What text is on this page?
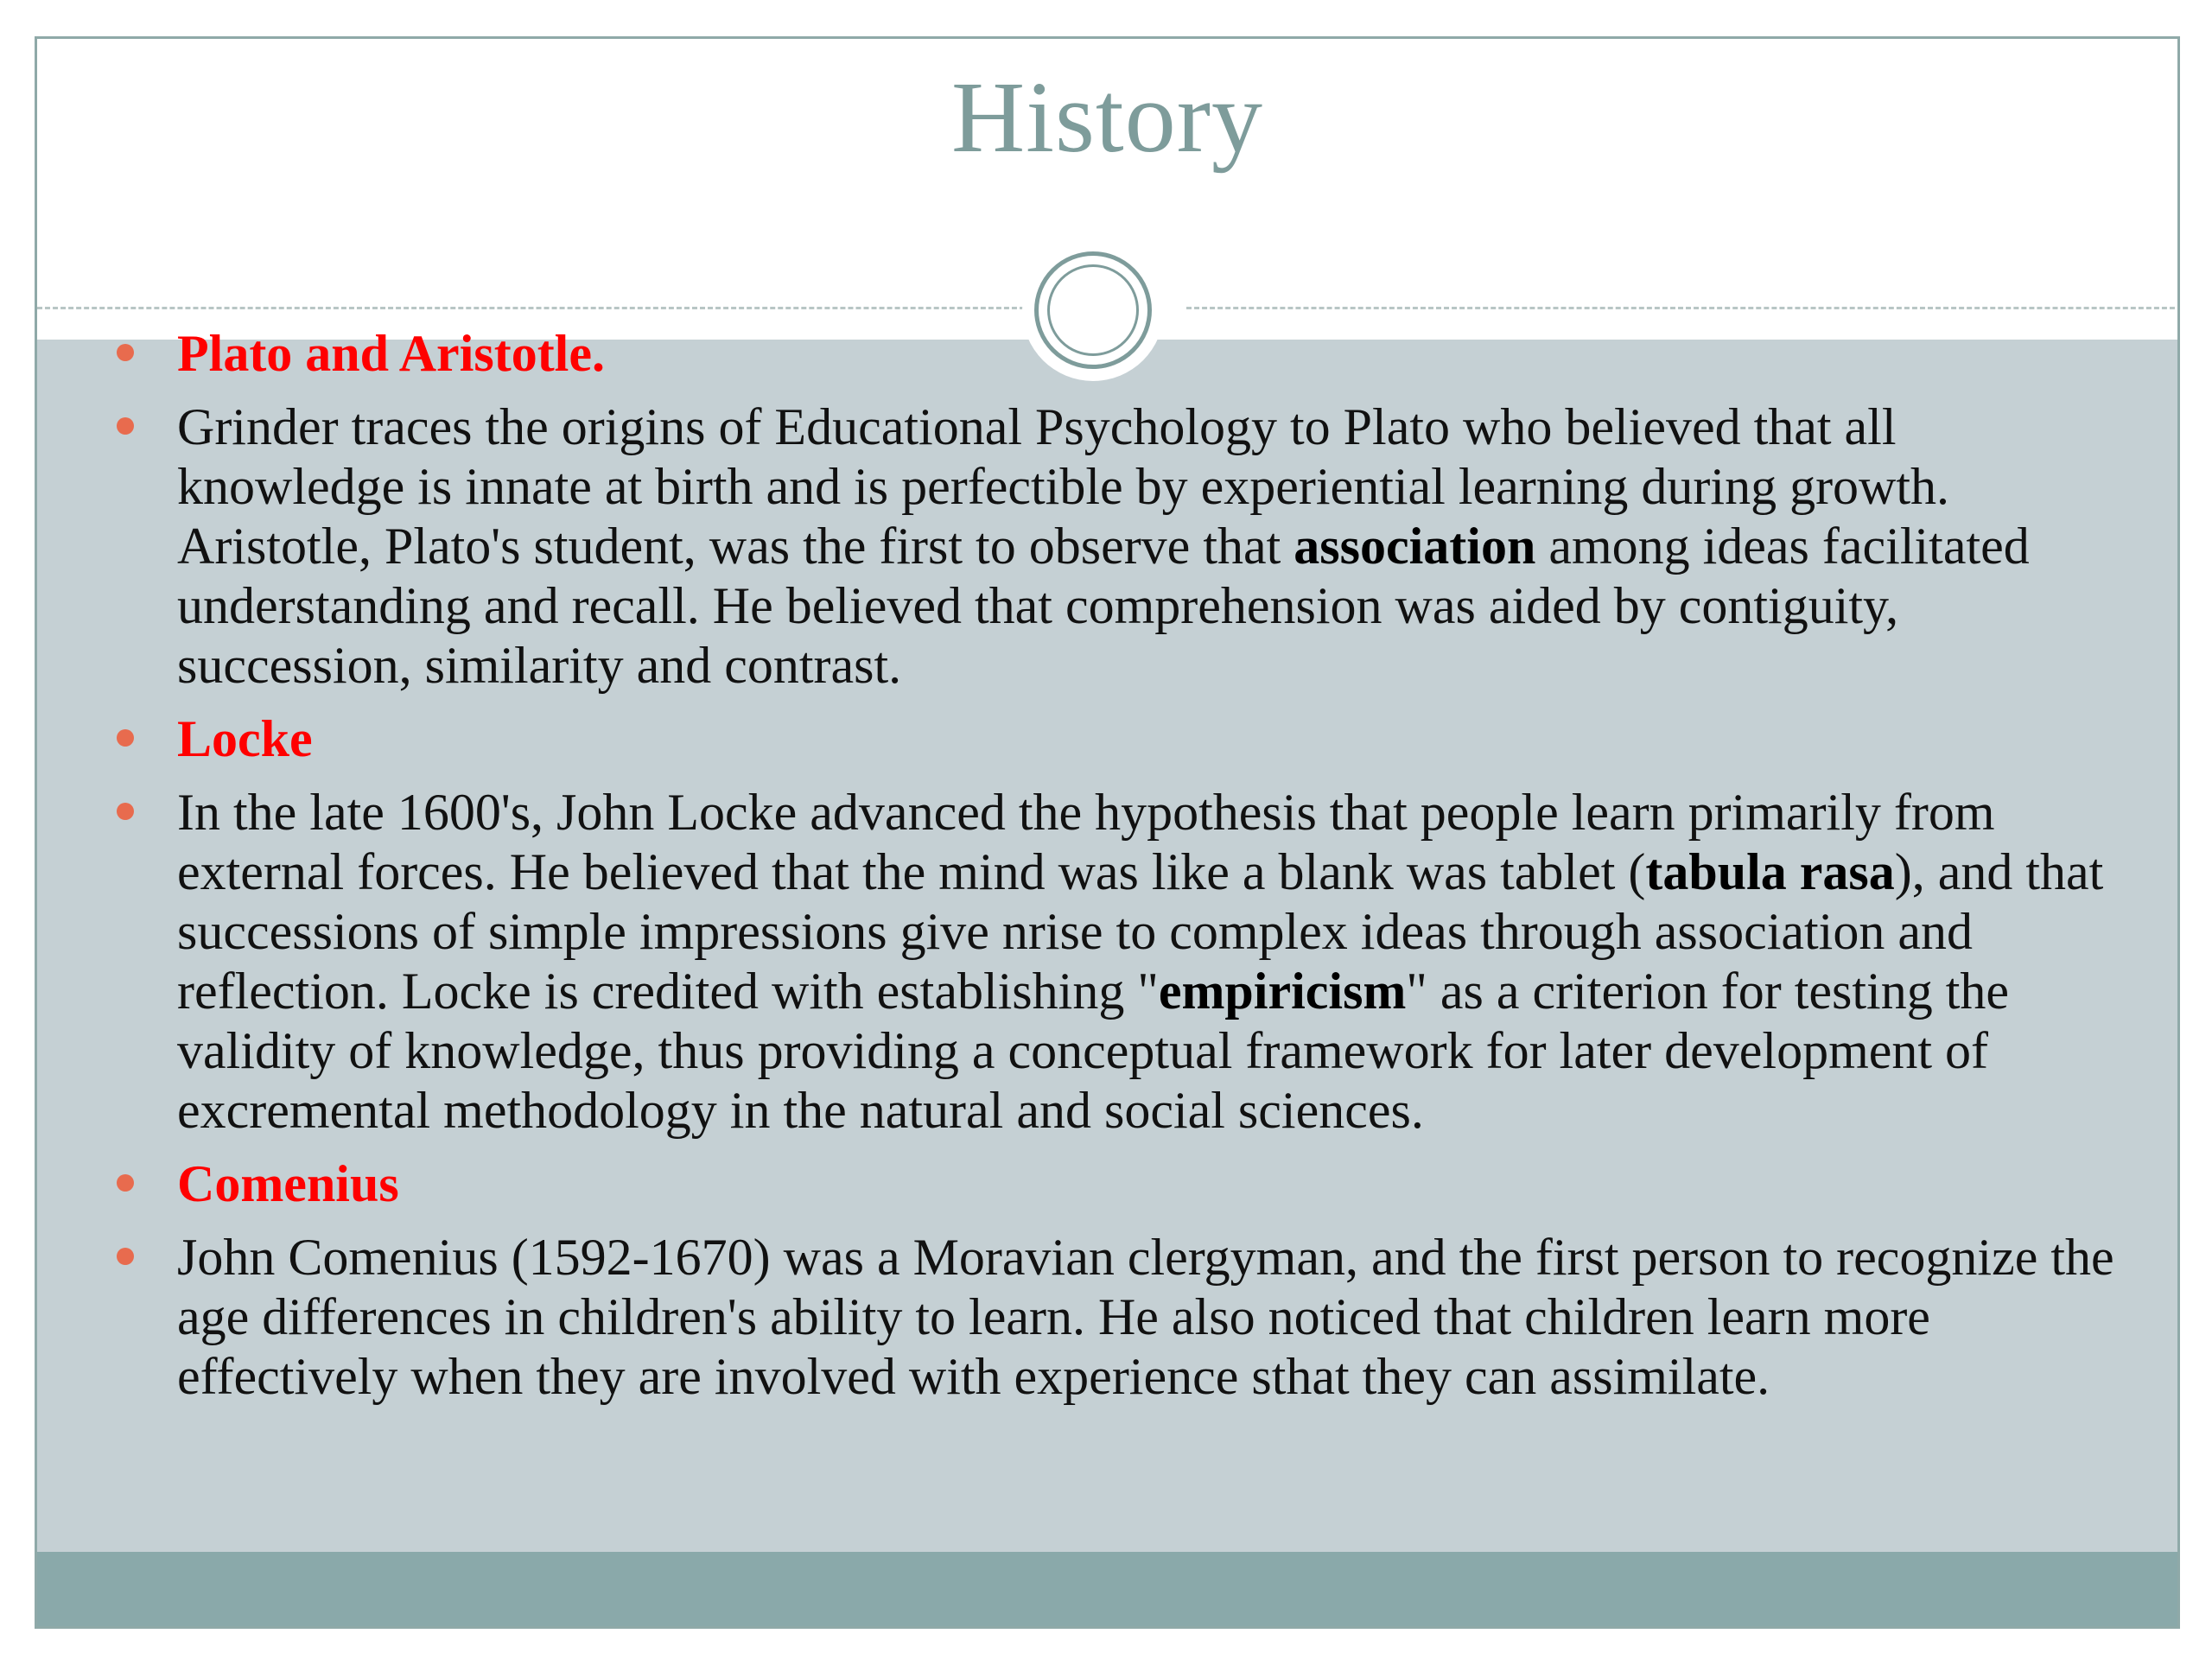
History
Plato and Aristotle.
Grinder traces the origins of Educational Psychology to Plato who believed that all knowledge is innate at birth and is perfectible by experiential learning during growth. Aristotle, Plato's student, was the first to observe that association among ideas facilitated understanding and recall. He believed that comprehension was aided by contiguity, succession, similarity and contrast.
Locke
In the late 1600's, John Locke advanced the hypothesis that people learn primarily from external forces. He believed that the mind was like a blank was tablet (tabula rasa), and that successions of simple impressions give nrise to complex ideas through association and reflection. Locke is credited with establishing "empiricism" as a criterion for testing the validity of knowledge, thus providing a conceptual framework for later development of excremental methodology in the natural and social sciences.
Comenius
John Comenius (1592-1670) was a Moravian clergyman, and the first person to recognize the age differences in children's ability to learn. He also noticed that children learn more effectively when they are involved with experience sthat they can assimilate.
